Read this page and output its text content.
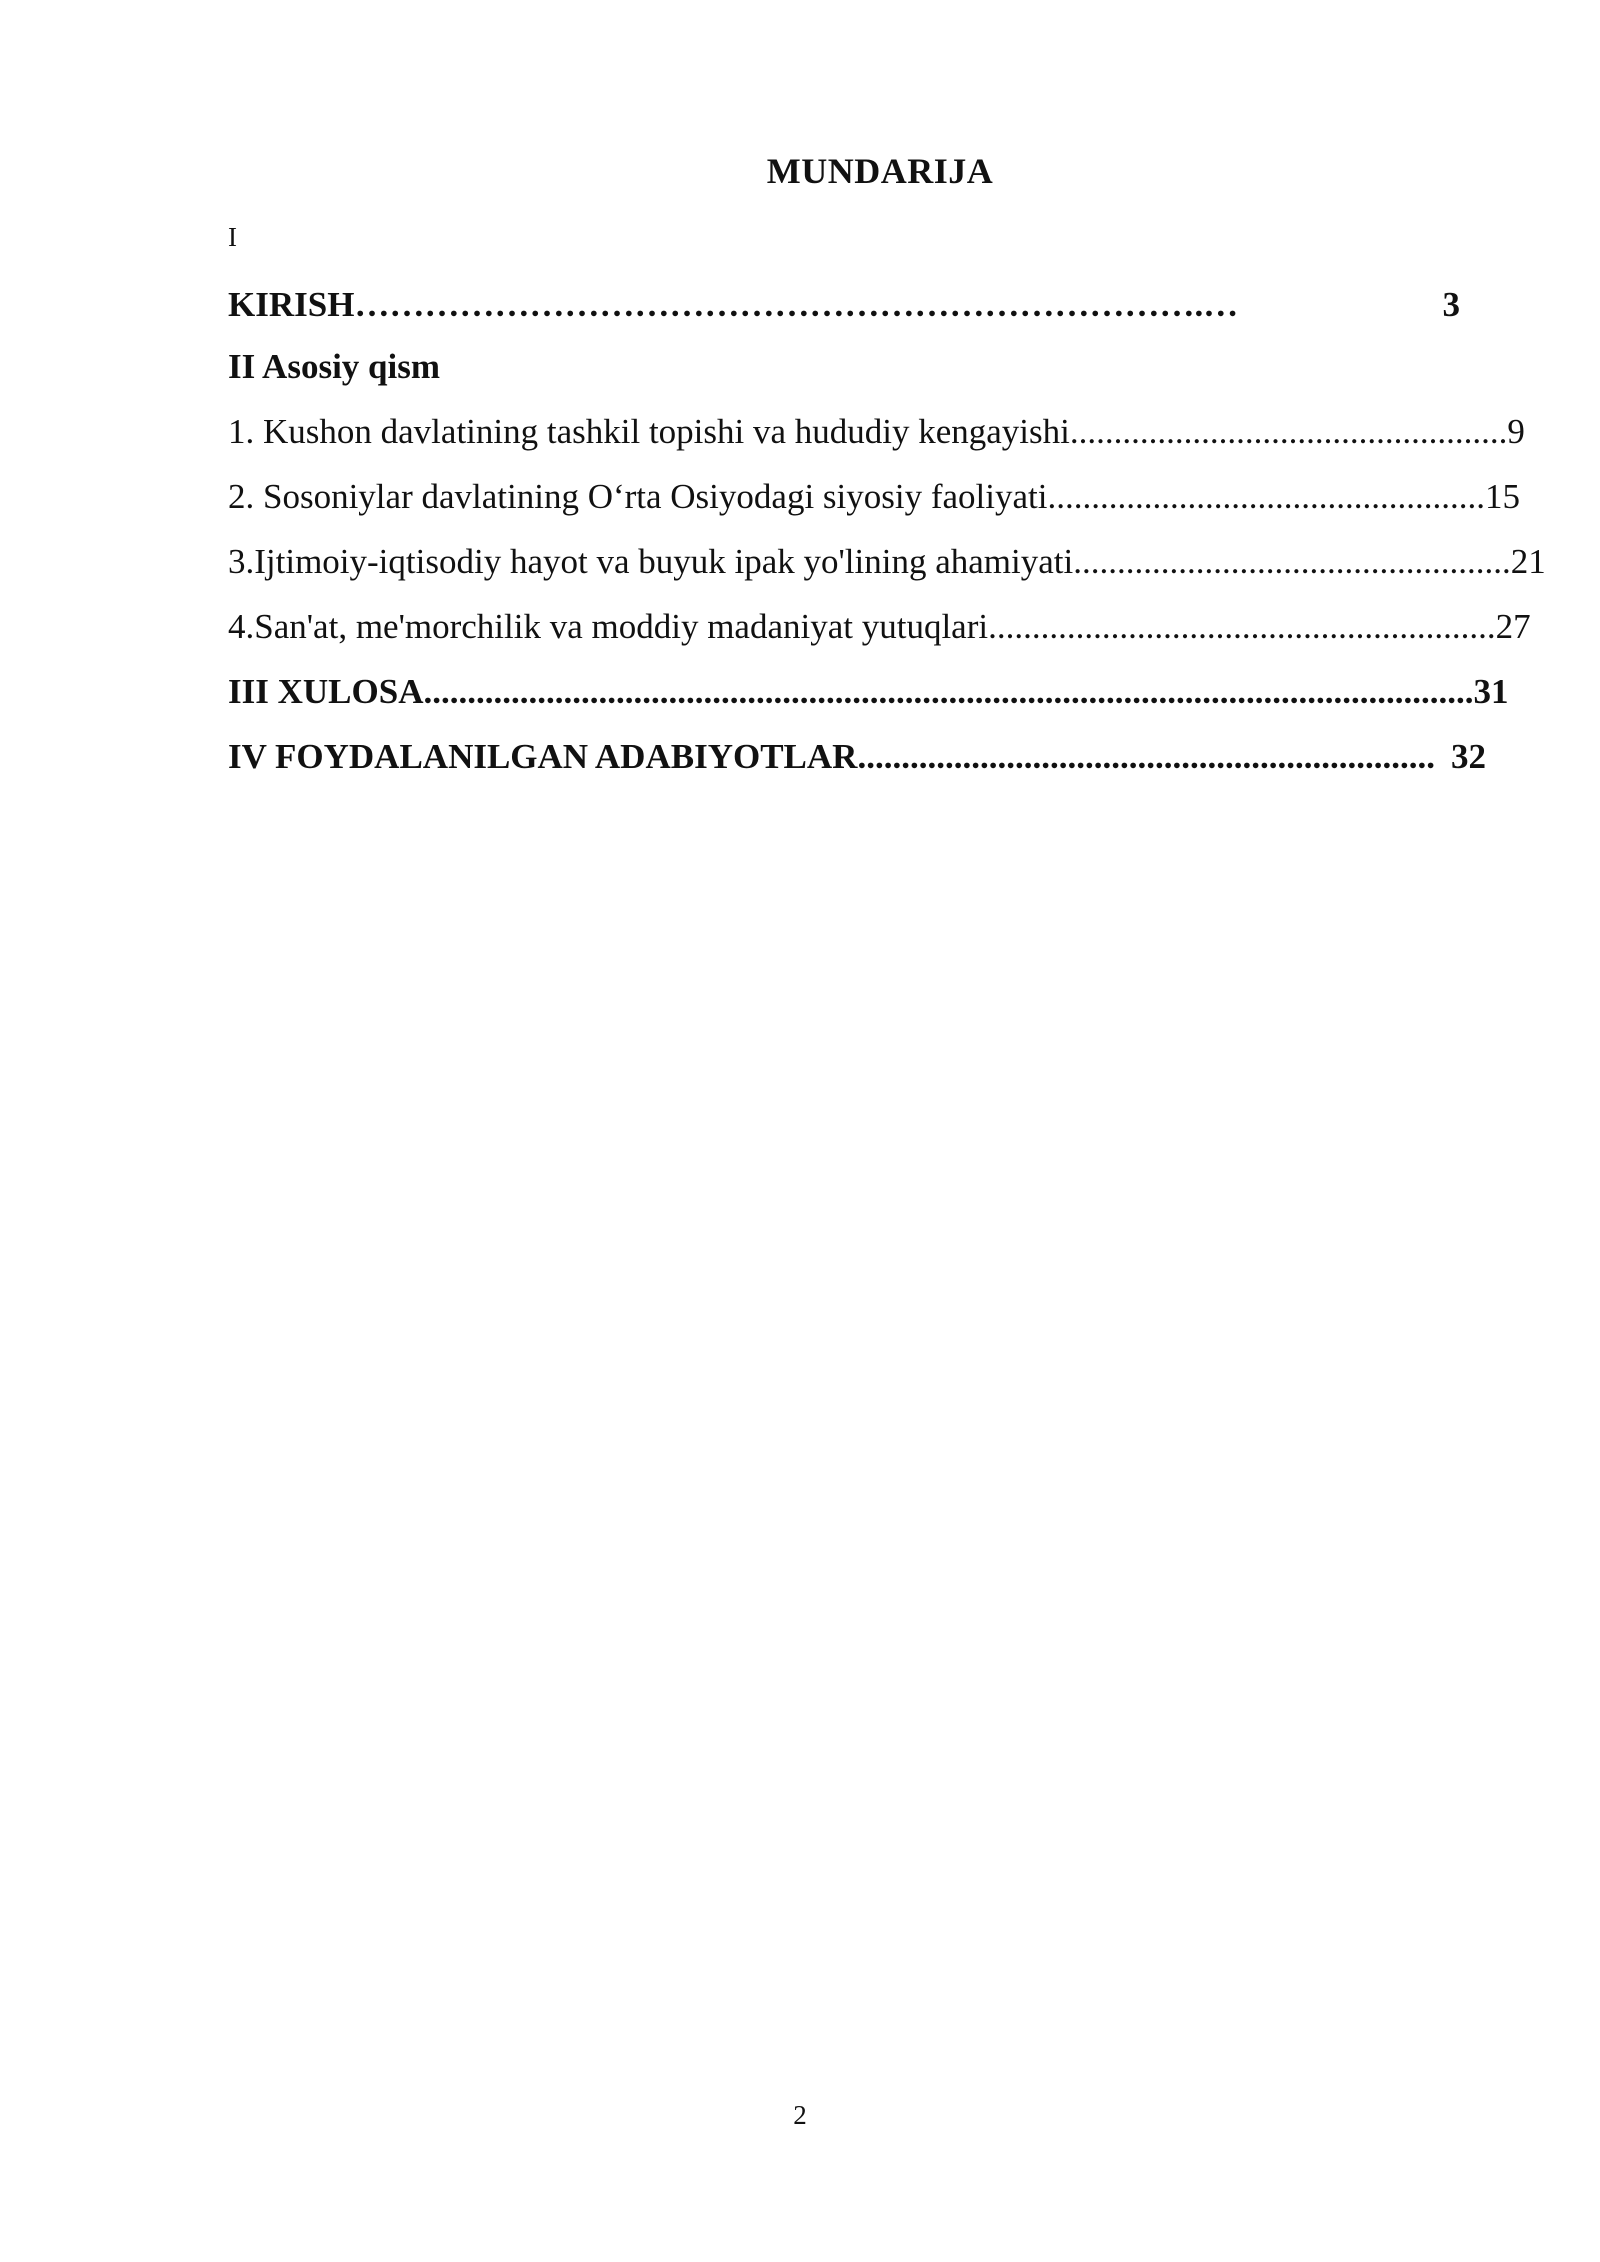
MUNDARIJA
I
KIRISH ……………………………………………………………….…	3
II Asosiy qism
1. Kushon davlatining tashkil topishi va hududiy kengayishi .................................................. 9
2. Sosoniylar davlatining O‘rta Osiyodagi siyosiy faoliyati .................................................. 15
3.Ijtimoiy-iqtisodiy hayot va buyuk ipak yo'lining ahamiyati .................................................. 21
4.San'at, me'morchilik va moddiy madaniyat yutuqlari .......................................................... 27
III XULOSA ........................................................................................................................ 31
IV FOYDALANILGAN ADABIYOTLAR .................................................................. 32
2
